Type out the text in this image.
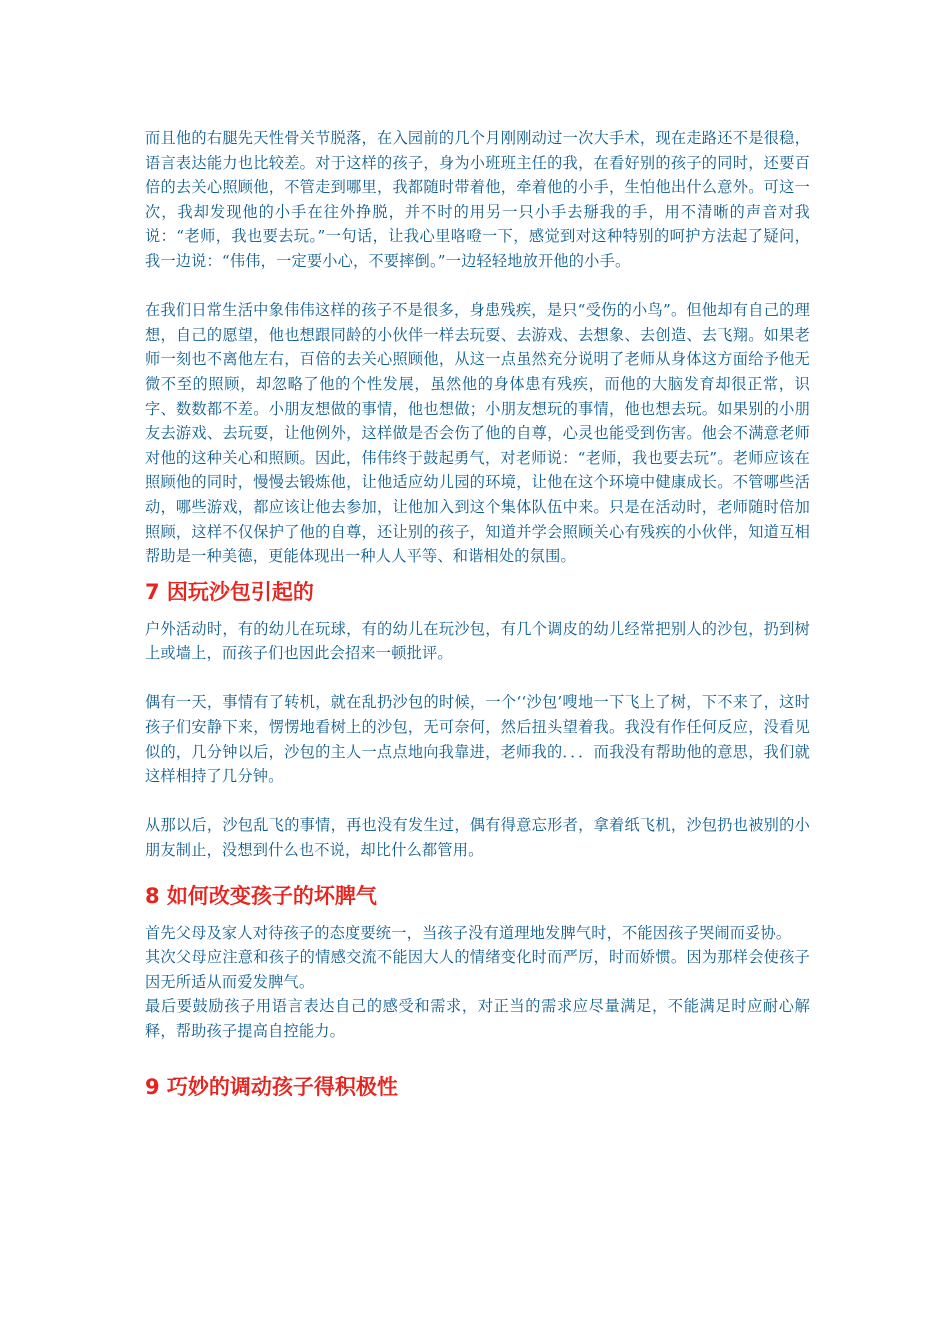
而且他的右腿先天性骨关节脱落，在入园前的几个月刚刚动过一次大手术，现在走路还不是很稳，语言表达能力也比较差。对于这样的孩子，身为小班班主任的我，在看好别的孩子的同时，还要百倍的去关心照顾他，不管走到哪里，我都随时带着他，牵着他的小手，生怕他出什么意外。可这一次，我却发现他的小手在往外挣脱，并不时的用另一只小手去掰我的手，用不清晰的声音对我说：“老师，我也要去玩。”一句话，让我心里咯噔一下，感觉到对这种特别的呵护方法起了疑问，我一边说：“伟伟，一定要小心，不要摔倒。”一边轻轻地放开他的小手。

在我们日常生活中象伟伟这样的孩子不是很多，身患残疾，是只“受伤的小鸟”。但他却有自己的理想，自己的愿望，他也想跟同龄的小伙伴一样去玩耍、去游戏、去想象、去创造、去飞翔。如果老师一刻也不离他左右，百倍的去关心照顾他，从这一点虽然充分说明了老师从身体这方面给予他无微不至的照顾，却忽略了他的个性发展，虽然他的身体患有残疾，而他的大脑发育却很正常，识字、数数都不差。小朋友想做的事情，他也想做；小朋友想玩的事情，他也想去玩。如果别的小朋友去游戏、去玩耍，让他例外，这样做是否会伤了他的自尊，心灵也能受到伤害。他会不满意老师对他的这种关心和照顾。因此，伟伟终于鼓起勇气，对老师说：“老师，我也要去玩”。老师应该在照顾他的同时，慢慢去锻炼他，让他适应幼儿园的环境，让他在这个环境中健康成长。不管哪些活动，哪些游戏，都应该让他去参加，让他加入到这个集体队伍中来。只是在活动时，老师随时倍加照顾，这样不仅保护了他的自尊，还让别的孩子，知道并学会照顾关心有残疾的小伙伴，知道互相帮助是一种美德，更能体现出一种人人平等、和谐相处的氛围。

7 因玩沙包引起的

户外活动时，有的幼儿在玩球，有的幼儿在玩沙包，有几个调皮的幼儿经常把别人的沙包，扔到树上或墙上，而孩子们也因此会招来一顿批评。

偶有一天，事情有了转机，就在乱扔沙包的时候，一个‘‘沙包’嗖地一下飞上了树，下不来了，这时孩子们安静下来，愣愣地看树上的沙包，无可奈何，然后扭头望着我。我没有作任何反应，没看见似的，几分钟以后，沙包的主人一点点地向我靠进，老师我的．．．而我没有帮助他的意思，我们就这样相持了几分钟。

从那以后，沙包乱飞的事情，再也没有发生过，偶有得意忘形者，拿着纸飞机，沙包扔也被别的小朋友制止，没想到什么也不说，却比什么都管用。

8 如何改变孩子的坏脾气

首先父母及家人对待孩子的态度要统一，当孩子没有道理地发脾气时，不能因孩子哭闹而妥协。

其次父母应注意和孩子的情感交流不能因大人的情绪变化时而严厉，时而娇惯。因为那样会使孩子因无所适从而爱发脾气。

最后要鼓励孩子用语言表达自己的感受和需求，对正当的需求应尽量满足，不能满足时应耐心解释，帮助孩子提高自控能力。

9 巧妙的调动孩子得积极性
